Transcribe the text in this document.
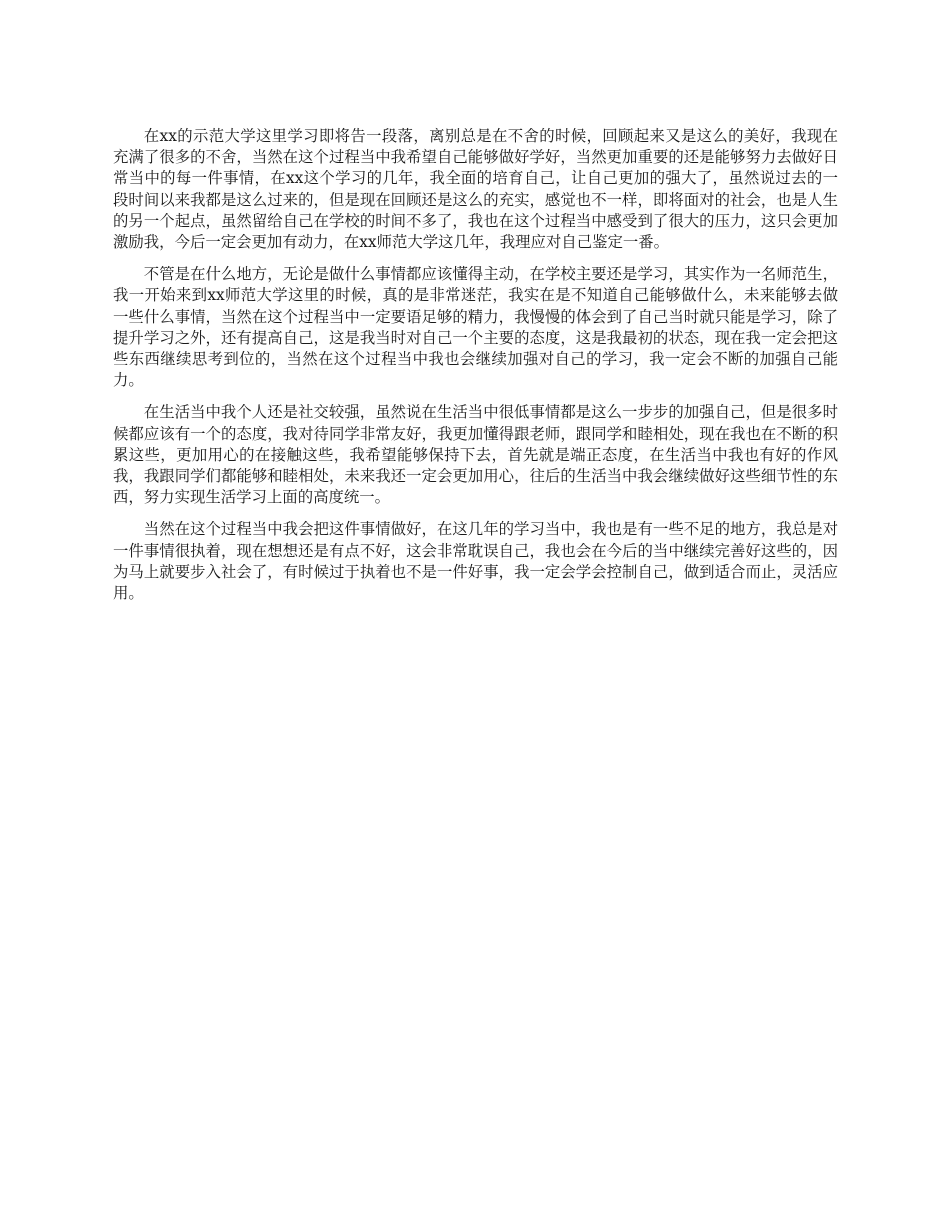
在xx的示范大学这里学习即将告一段落，离别总是在不舍的时候，回顾起来又是这么的美好，我现在充满了很多的不舍，当然在这个过程当中我希望自己能够做好学好，当然更加重要的还是能够努力去做好日常当中的每一件事情，在xx这个学习的几年，我全面的培育自己，让自己更加的强大了，虽然说过去的一段时间以来我都是这么过来的，但是现在回顾还是这么的充实，感觉也不一样，即将面对的社会，也是人生的另一个起点，虽然留给自己在学校的时间不多了，我也在这个过程当中感受到了很大的压力，这只会更加激励我，今后一定会更加有动力，在xx师范大学这几年，我理应对自己鉴定一番。

不管是在什么地方，无论是做什么事情都应该懂得主动，在学校主要还是学习，其实作为一名师范生，我一开始来到xx师范大学这里的时候，真的是非常迷茫，我实在是不知道自己能够做什么，未来能够去做一些什么事情，当然在这个过程当中一定要语足够的精力，我慢慢的体会到了自己当时就只能是学习，除了提升学习之外，还有提高自己，这是我当时对自己一个主要的态度，这是我最初的状态，现在我一定会把这些东西继续思考到位的，当然在这个过程当中我也会继续加强对自己的学习，我一定会不断的加强自己能力。

在生活当中我个人还是社交较强，虽然说在生活当中很低事情都是这么一步步的加强自己，但是很多时候都应该有一个的态度，我对待同学非常友好，我更加懂得跟老师，跟同学和睦相处，现在我也在不断的积累这些，更加用心的在接触这些，我希望能够保持下去，首先就是端正态度，在生活当中我也有好的作风我，我跟同学们都能够和睦相处，未来我还一定会更加用心，往后的生活当中我会继续做好这些细节性的东西，努力实现生活学习上面的高度统一。

当然在这个过程当中我会把这件事情做好，在这几年的学习当中，我也是有一些不足的地方，我总是对一件事情很执着，现在想想还是有点不好，这会非常耽误自己，我也会在今后的当中继续完善好这些的，因为马上就要步入社会了，有时候过于执着也不是一件好事，我一定会学会控制自己，做到适合而止，灵活应用。
